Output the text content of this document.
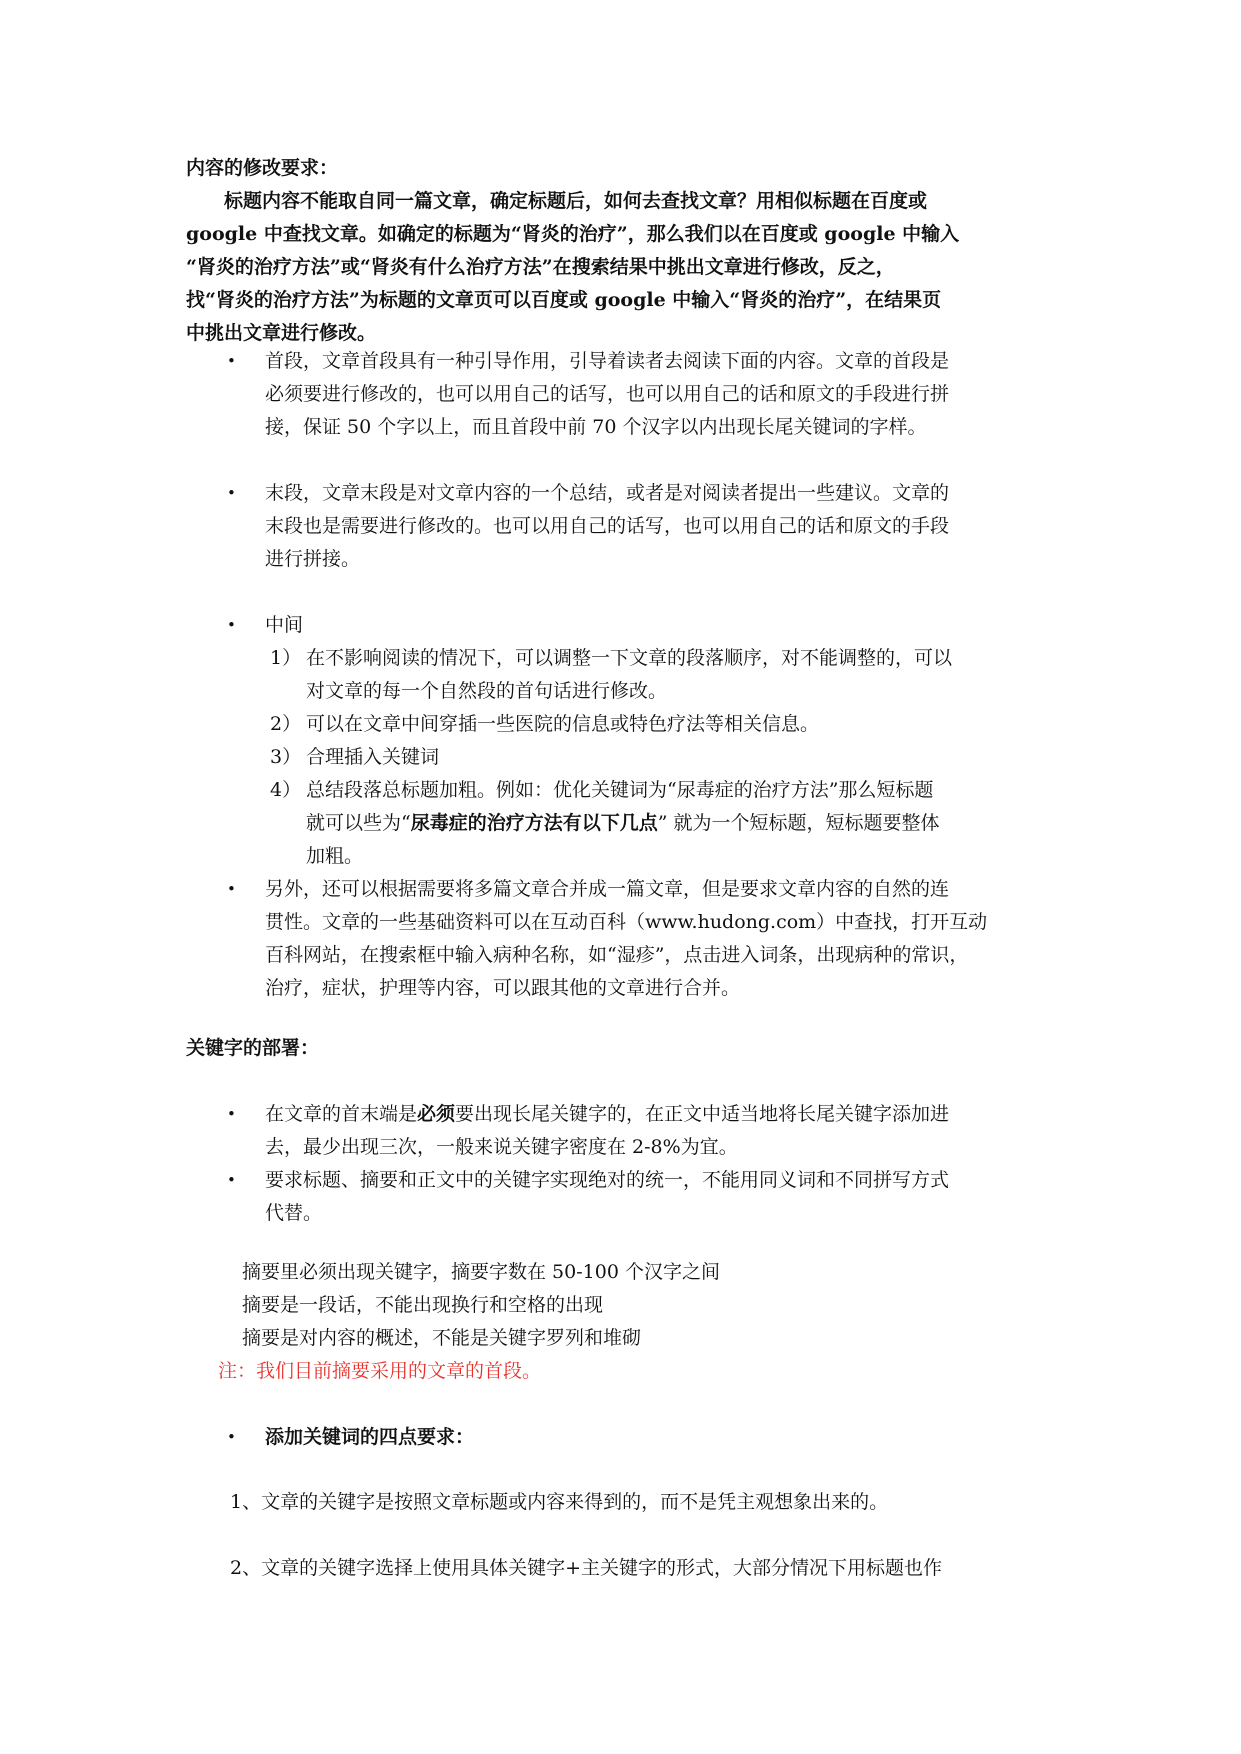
内容的修改要求：
标题内容不能取自同一篇文章，确定标题后，如何去查找文章？用相似标题在百度或
google 中查找文章。如确定的标题为“肾炎的治疗”，那么我们以在百度或 google 中输入
“肾炎的治疗方法”或“肾炎有什么治疗方法”在搜索结果中挑出文章进行修改，反之，
找“肾炎的治疗方法”为标题的文章页可以百度或 google 中输入“肾炎的治疗”，在结果页
中挑出文章进行修改。
• 首段，文章首段具有一种引导作用，引导着读者去阅读下面的内容。文章的首段是
必须要进行修改的，也可以用自己的话写，也可以用自己的话和原文的手段进行拼
接，保证 50 个字以上，而且首段中前 70 个汉字以内出现长尾关键词的字样。
• 末段，文章末段是对文章内容的一个总结，或者是对阅读者提出一些建议。文章的
末段也是需要进行修改的。也可以用自己的话写，也可以用自己的话和原文的手段
进行拼接。
• 中间
1） 在不影响阅读的情况下，可以调整一下文章的段落顺序，对不能调整的，可以
对文章的每一个自然段的首句话进行修改。
2） 可以在文章中间穿插一些医院的信息或特色疗法等相关信息。
3） 合理插入关键词
4） 总结段落总标题加粗。例如：优化关键词为“尿毒症的治疗方法”那么短标题
就可以些为“尿毒症的治疗方法有以下几点” 就为一个短标题，短标题要整体
加粗。
• 另外，还可以根据需要将多篇文章合并成一篇文章，但是要求文章内容的自然的连
贯性。文章的一些基础资料可以在互动百科（www.hudong.com）中查找，打开互动
百科网站，在搜索框中输入病种名称，如“湿疹”，点击进入词条，出现病种的常识，
治疗，症状，护理等内容，可以跟其他的文章进行合并。
关键字的部署：
• 在文章的首末端是必须要出现长尾关键字的，在正文中适当地将长尾关键字添加进
去，最少出现三次，一般来说关键字密度在 2-8%为宜。
• 要求标题、摘要和正文中的关键字实现绝对的统一，不能用同义词和不同拼写方式
代替。
摘要里必须出现关键字，摘要字数在 50-100 个汉字之间
摘要是一段话，不能出现换行和空格的出现
摘要是对内容的概述，不能是关键字罗列和堆砌
注：我们目前摘要采用的文章的首段。
• 添加关键词的四点要求：
1、文章的关键字是按照文章标题或内容来得到的，而不是凭主观想象出来的。
2、文章的关键字选择上使用具体关键字+主关键字的形式，大部分情况下用标题也作
